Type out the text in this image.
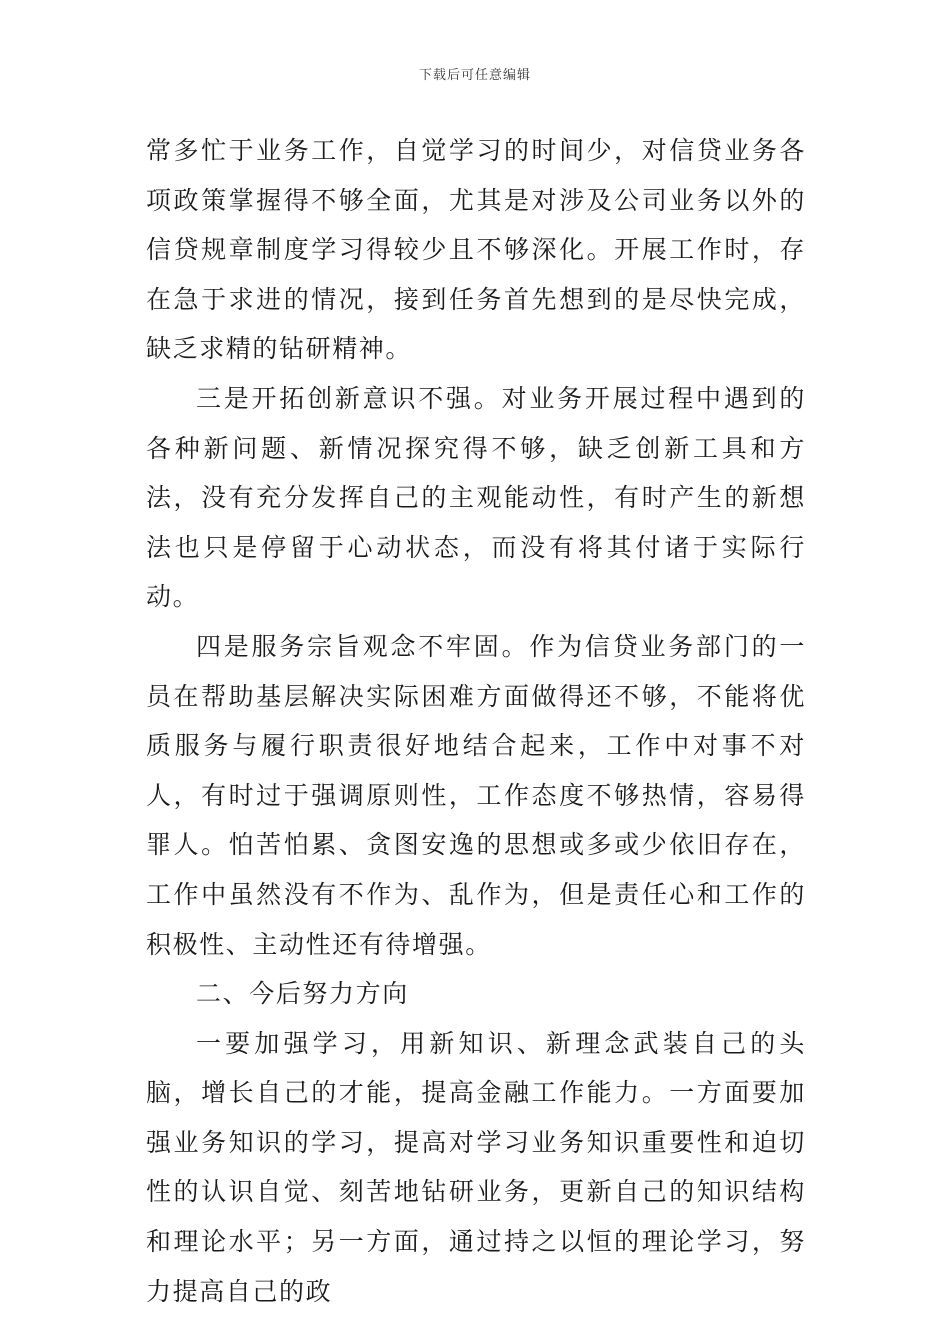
下载后可任意编辑

常多忙于业务工作，自觉学习的时间少，对信贷业务各项政策掌握得不够全面，尤其是对涉及公司业务以外的信贷规章制度学习得较少且不够深化。开展工作时，存在急于求进的情况，接到任务首先想到的是尽快完成，缺乏求精的钻研精神。

三是开拓创新意识不强。对业务开展过程中遇到的各种新问题、新情况探究得不够，缺乏创新工具和方法，没有充分发挥自己的主观能动性，有时产生的新想法也只是停留于心动状态，而没有将其付诸于实际行动。

四是服务宗旨观念不牢固。作为信贷业务部门的一员在帮助基层解决实际困难方面做得还不够，不能将优质服务与履行职责很好地结合起来，工作中对事不对人，有时过于强调原则性，工作态度不够热情，容易得罪人。怕苦怕累、贪图安逸的思想或多或少依旧存在，工作中虽然没有不作为、乱作为，但是责任心和工作的积极性、主动性还有待增强。

二、今后努力方向

一要加强学习，用新知识、新理念武装自己的头脑，增长自己的才能，提高金融工作能力。一方面要加强业务知识的学习，提高对学习业务知识重要性和迫切性的认识自觉、刻苦地钻研业务，更新自己的知识结构和理论水平；另一方面，通过持之以恒的理论学习，努力提高自己的政
